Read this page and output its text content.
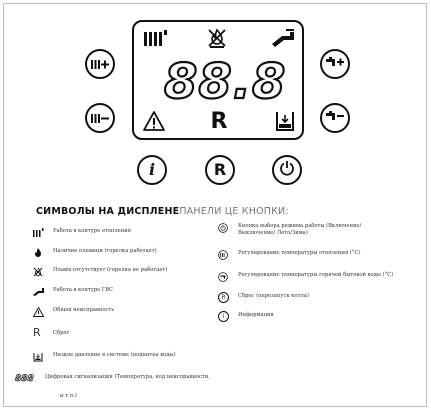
88.8
R
i	R
СИМВОЛЫ НА ДИСПЛЕНЕПАНЕЛИ ЦЕ КНОПКИ:
Работа в контуре отопления
Наличие пламени (горелка работает)
Пламя отсутствует (горелка не работает)
Работа в контуре ГВС
Общая неисправность
R	Сброс
Низкое давление в системе (подпитка воды)
888	Цифровая сигнализация (Температура, код неисправности,
и т.п.)
Кнопка выбора режима работы (Включение/Выключение/ Лето/Зима)
Регулирование температуры отопления (°C)
Регулирование температуры горячей бытовой воды (°C)
R	Сброс (перезапуск котла)
i	Информация
